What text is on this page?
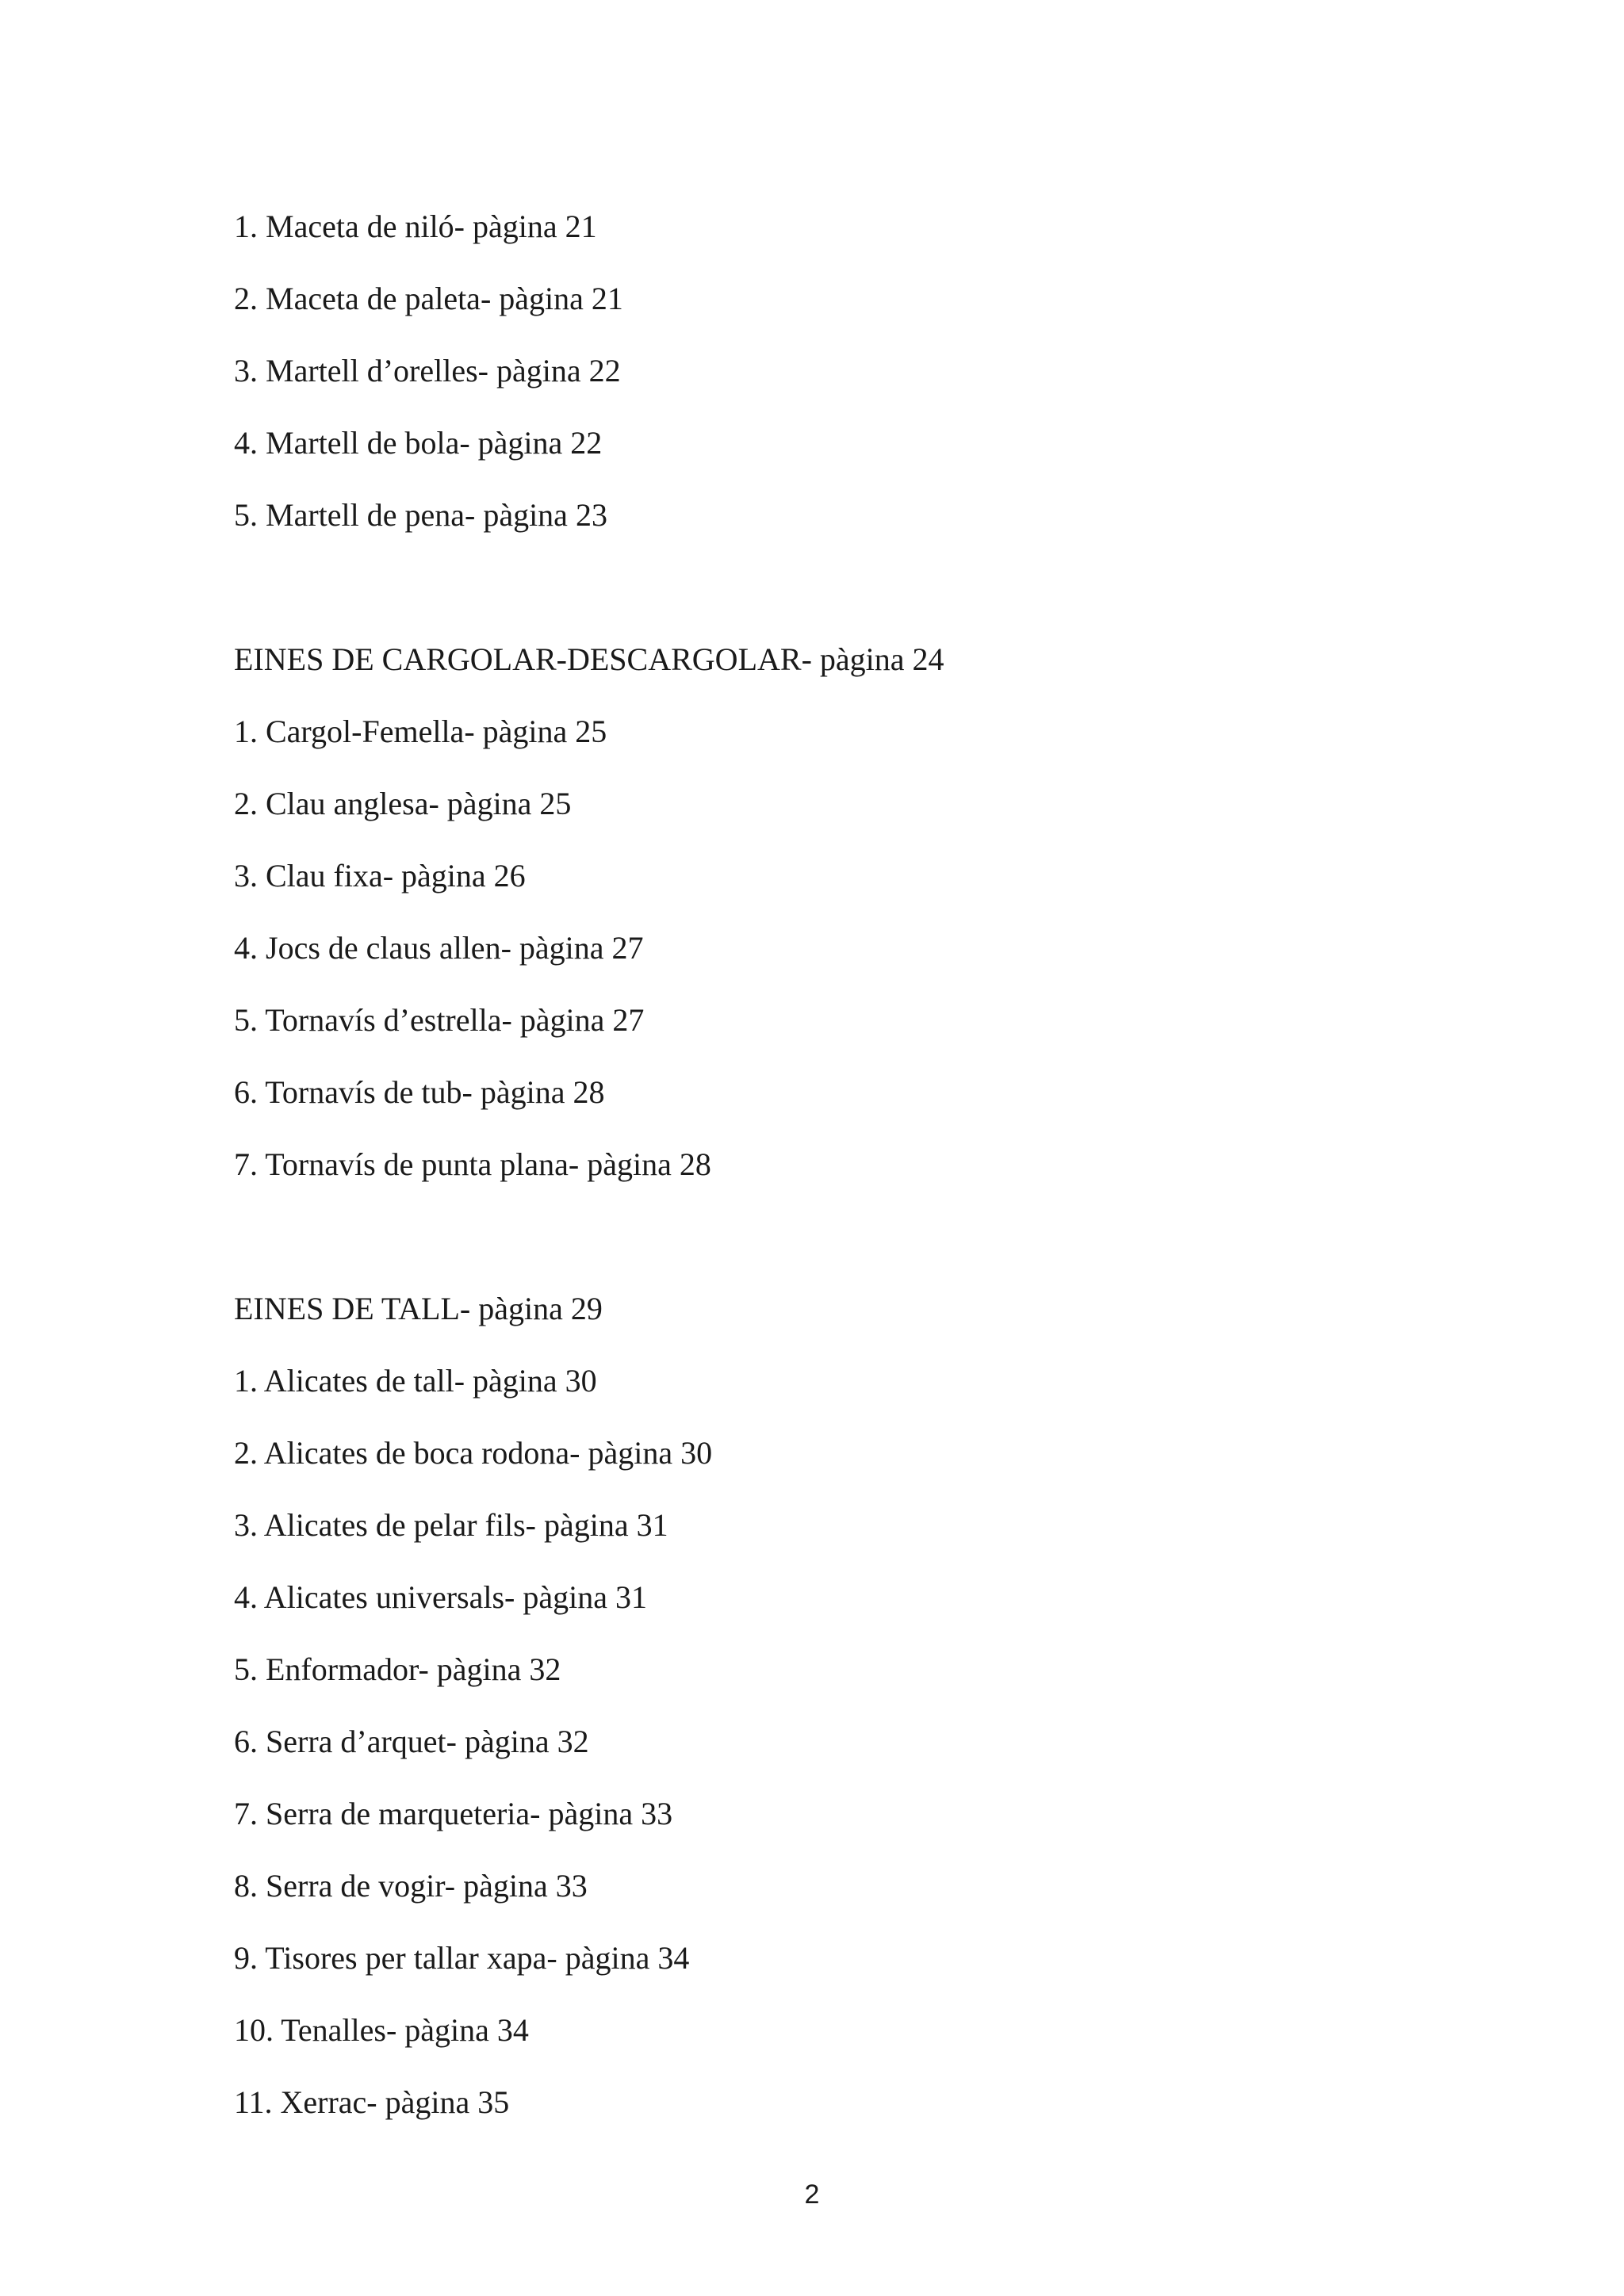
1. Maceta de niló- pàgina 21
2. Maceta de paleta- pàgina 21
3. Martell d’orelles- pàgina 22
4. Martell de bola- pàgina 22
5. Martell de pena- pàgina 23
EINES DE CARGOLAR-DESCARGOLAR- pàgina 24
1. Cargol-Femella- pàgina 25
2. Clau anglesa- pàgina 25
3. Clau fixa- pàgina 26
4. Jocs de claus allen- pàgina 27
5. Tornavís d’estrella- pàgina 27
6. Tornavís de tub- pàgina 28
7. Tornavís de punta plana- pàgina 28
EINES DE TALL- pàgina 29
1. Alicates de tall- pàgina 30
2. Alicates de boca rodona- pàgina 30
3. Alicates de pelar fils- pàgina 31
4. Alicates universals- pàgina 31
5. Enformador- pàgina 32
6. Serra d’arquet- pàgina 32
7. Serra de marqueteria- pàgina 33
8. Serra de vogir- pàgina 33
9. Tisores per tallar xapa- pàgina 34
10. Tenalles- pàgina 34
11. Xerrac- pàgina 35
2
